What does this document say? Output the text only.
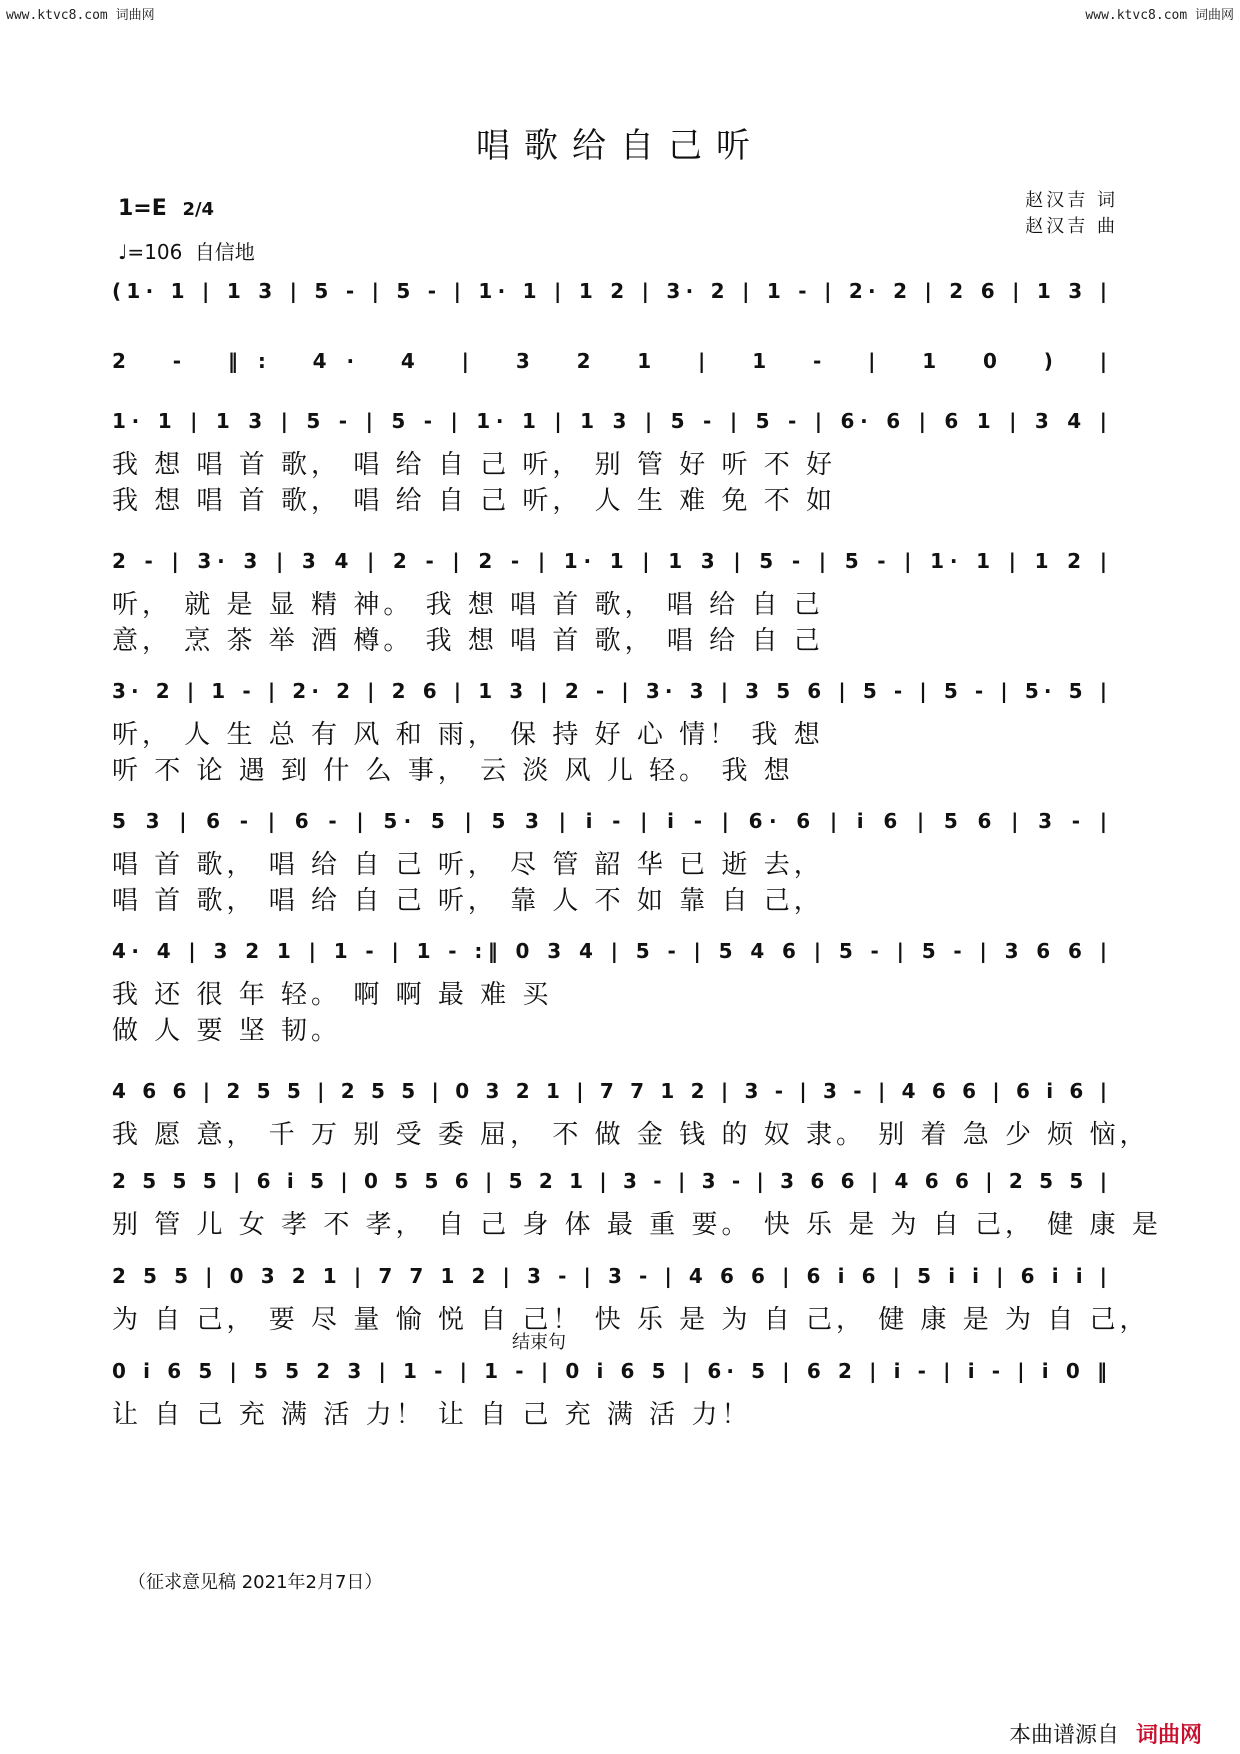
www.ktvc8.com 词曲网	www.ktvc8.com 词曲网
唱歌给自己听
1=E 2/4
♩=106 自信地
赵汉吉 词
赵汉吉 曲
(1· 1 | 1 3 | 5 - | 5 - | 1· 1 | 1 2 | 3· 2 | 1 - | 2· 2 | 2 6 | 1 3 |
2 - ‖: 4· 4 | 3 2 1 | 1 - | 1 0 ) |
1· 1 | 1 3 | 5 - | 5 - | 1· 1 | 1 3 | 5 - | 5 - | 6· 6 | 6 1 | 3 4 |
我 想 唱 首 歌， 唱 给 自 己 听， 别 管 好 听 不 好
我 想 唱 首 歌， 唱 给 自 己 听， 人 生 难 免 不 如
2 - | 3· 3 | 3 4 | 2 - | 2 - | 1· 1 | 1 3 | 5 - | 5 - | 1· 1 | 1 2 |
听， 就 是 显 精 神。 我 想 唱 首 歌， 唱 给 自 己
意， 烹 茶 举 酒 樽。 我 想 唱 首 歌， 唱 给 自 己
3· 2 | 1 - | 2· 2 | 2 6 | 1 3 | 2 - | 3· 3 | 3 5 6 | 5 - | 5 - | 5· 5 |
听， 人 生 总 有 风 和 雨， 保 持 好 心 情！ 我 想
听 不 论 遇 到 什 么 事， 云 淡 风 儿 轻。 我 想
5 3 | 6 - | 6 - | 5· 5 | 5 3 | i - | i - | 6· 6 | i 6 | 5 6 | 3 - |
唱 首 歌， 唱 给 自 己 听， 尽 管 韶 华 已 逝 去，
唱 首 歌， 唱 给 自 己 听， 靠 人 不 如 靠 自 己，
4· 4 | 3 2 1 | 1 - | 1 - :‖ 0 3 4 | 5 - | 5 4 6 | 5 - | 5 - | 3 6 6 |
我 还 很 年 轻。 啊 啊 最 难 买
做 人 要 坚 韧。
4 6 6 | 2 5 5 | 2 5 5 | 0 3 2 1 | 7 7 1 2 | 3 - | 3 - | 4 6 6 | 6 i 6 |
我 愿 意， 千 万 别 受 委 屈， 不 做 金 钱 的 奴 隶。 别 着 急 少 烦 恼，
2 5 5 5 | 6 i 5 | 0 5 5 6 | 5 2 1 | 3 - | 3 - | 3 6 6 | 4 6 6 | 2 5 5 |
别 管 儿 女 孝 不 孝， 自 己 身 体 最 重 要。 快 乐 是 为 自 己， 健 康 是
2 5 5 | 0 3 2 1 | 7 7 1 2 | 3 - | 3 - | 4 6 6 | 6 i 6 | 5 i i | 6 i i |
为 自 己， 要 尽 量 愉 悦 自 己！ 快 乐 是 为 自 己， 健 康 是 为 自 己，
结束句
0 i 6 5 | 5 5 2 3 | 1 - | 1 - | 0 i 6 5 | 6· 5 | 6 2 | i - | i - | i 0 ‖
让 自 己 充 满 活 力！ 让 自 己 充 满 活 力！
（征求意见稿 2021年2月7日）
本曲谱源自 词曲网
